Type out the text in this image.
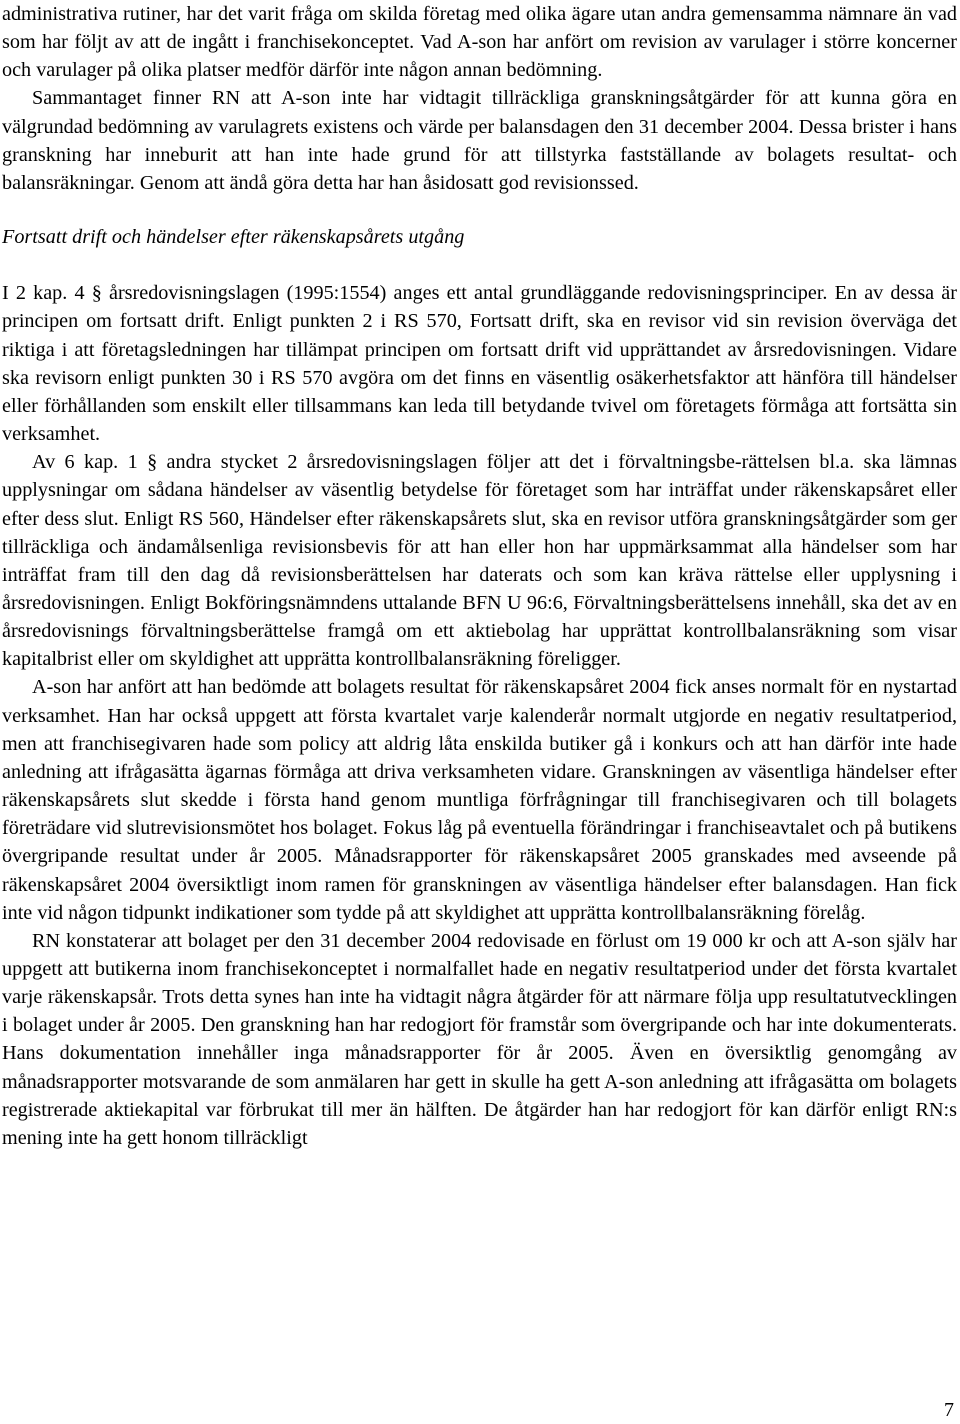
administrativa rutiner, har det varit fråga om skilda företag med olika ägare utan andra gemensamma nämnare än vad som har följt av att de ingått i franchisekonceptet. Vad A-son har anfört om revision av varulager i större koncerner och varulager på olika platser medför därför inte någon annan bedömning.

Sammantaget finner RN att A-son inte har vidtagit tillräckliga granskningsåtgärder för att kunna göra en välgrundad bedömning av varulagrets existens och värde per balansdagen den 31 december 2004. Dessa brister i hans granskning har inneburit att han inte hade grund för att tillstyrka fastställande av bolagets resultat- och balansräkningar. Genom att ändå göra detta har han åsidosatt god revisionssed.

Fortsatt drift och händelser efter räkenskapsårets utgång

I 2 kap. 4 § årsredovisningslagen (1995:1554) anges ett antal grundläggande redovisningsprinciper. En av dessa är principen om fortsatt drift. Enligt punkten 2 i RS 570, Fortsatt drift, ska en revisor vid sin revision överväga det riktiga i att företagsledningen har tillämpat principen om fortsatt drift vid upprättandet av årsredovisningen. Vidare ska revisorn enligt punkten 30 i RS 570 avgöra om det finns en väsentlig osäkerhetsfaktor att hänföra till händelser eller förhållanden som enskilt eller tillsammans kan leda till betydande tvivel om företagets förmåga att fortsätta sin verksamhet.

Av 6 kap. 1 § andra stycket 2 årsredovisningslagen följer att det i förvaltningsbe-rättelsen bl.a. ska lämnas upplysningar om sådana händelser av väsentlig betydelse för företaget som har inträffat under räkenskapsåret eller efter dess slut. Enligt RS 560, Händelser efter räkenskapsårets slut, ska en revisor utföra granskningsåtgärder som ger tillräckliga och ändamålsenliga revisionsbevis för att han eller hon har uppmärksammat alla händelser som har inträffat fram till den dag då revisionsberättelsen har daterats och som kan kräva rättelse eller upplysning i årsredovisningen. Enligt Bokföringsnämndens uttalande BFN U 96:6, Förvaltningsberättelsens innehåll, ska det av en årsredovisnings förvaltningsberättelse framgå om ett aktiebolag har upprättat kontrollbalansräkning som visar kapitalbrist eller om skyldighet att upprätta kontrollbalansräkning föreligger.

A-son har anfört att han bedömde att bolagets resultat för räkenskapsåret 2004 fick anses normalt för en nystartad verksamhet. Han har också uppgett att första kvartalet varje kalenderår normalt utgjorde en negativ resultatperiod, men att franchisegivaren hade som policy att aldrig låta enskilda butiker gå i konkurs och att han därför inte hade anledning att ifrågasätta ägarnas förmåga att driva verksamheten vidare. Granskningen av väsentliga händelser efter räkenskapsårets slut skedde i första hand genom muntliga förfrågningar till franchisegivaren och till bolagets företrädare vid slutrevisionsmötet hos bolaget. Fokus låg på eventuella förändringar i franchiseavtalet och på butikens övergripande resultat under år 2005. Månadsrapporter för räkenskapsåret 2005 granskades med avseende på räkenskapsåret 2004 översiktligt inom ramen för granskningen av väsentliga händelser efter balansdagen. Han fick inte vid någon tidpunkt indikationer som tydde på att skyldighet att upprätta kontrollbalansräkning förelåg.

RN konstaterar att bolaget per den 31 december 2004 redovisade en förlust om 19 000 kr och att A-son själv har uppgett att butikerna inom franchisekonceptet i normalfallet hade en negativ resultatperiod under det första kvartalet varje räkenskapsår. Trots detta synes han inte ha vidtagit några åtgärder för att närmare följa upp resultatutvecklingen i bolaget under år 2005. Den granskning han har redogjort för framstår som övergripande och har inte dokumenterats. Hans dokumentation innehåller inga månadsrapporter för år 2005. Även en översiktlig genomgång av månadsrapporter motsvarande de som anmälaren har gett in skulle ha gett A-son anledning att ifrågasätta om bolagets registrerade aktiekapital var förbrukat till mer än hälften. De åtgärder han har redogjort för kan därför enligt RN:s mening inte ha gett honom tillräckligt

7
